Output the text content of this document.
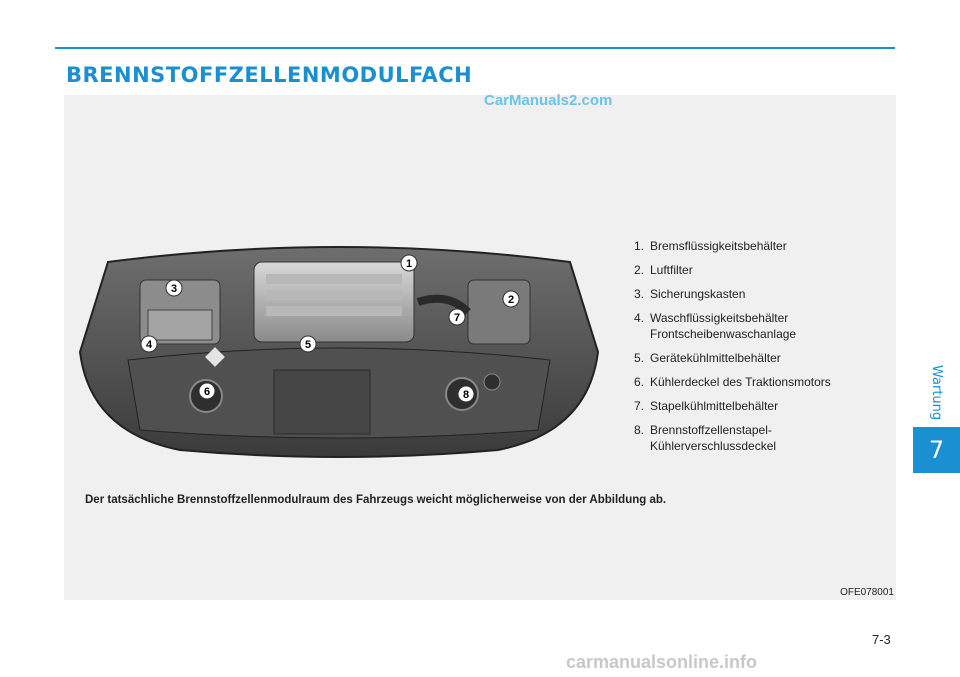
BRENNSTOFFZELLENMODULFACH
CarManuals2.com
1
2
3
4	5
6
7
8
1. Bremsflüssigkeitsbehälter
2. Luftfilter
3. Sicherungskasten
4. Waschflüssigkeitsbehälter
Frontscheibenwaschanlage
5. Gerätekühlmittelbehälter
6. Kühlerdeckel des Traktionsmotors
7. Stapelkühlmittelbehälter
8. Brennstoffzellenstapel-
Kühlerverschlussdeckel
Der tatsächliche Brennstoffzellenmodulraum des Fahrzeugs weicht möglicherweise von der Abbildung ab.
OFE078001
Wartung
7
7-3
carmanualsonline.info
